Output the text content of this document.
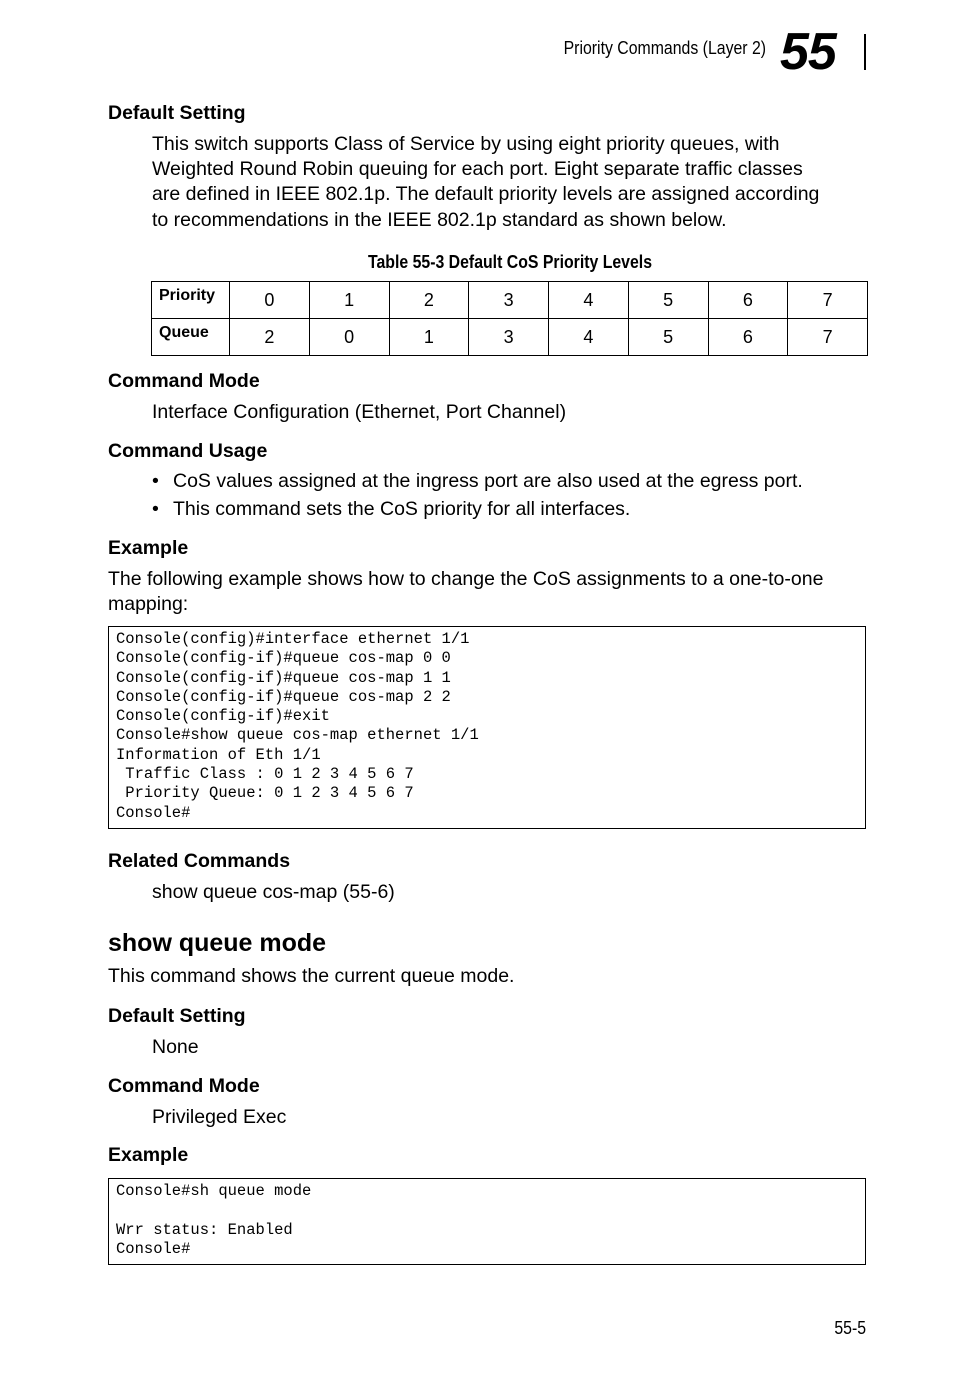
Priority Commands (Layer 2) 55
Default Setting
This switch supports Class of Service by using eight priority queues, with
Weighted Round Robin queuing for each port. Eight separate traffic classes
are defined in IEEE 802.1p. The default priority levels are assigned according
to recommendations in the IEEE 802.1p standard as shown below.
Table 55-3 Default CoS Priority Levels
Priority	0	1	2	3	4	5	6	7
Queue	2	0	1	3	4	5	6	7
Command Mode
Interface Configuration (Ethernet, Port Channel)
Command Usage
• CoS values assigned at the ingress port are also used at the egress port.
• This command sets the CoS priority for all interfaces.
Example
The following example shows how to change the CoS assignments to a one-to-one
mapping:
Console(config)#interface ethernet 1/1
Console(config-if)#queue cos-map 0 0
Console(config-if)#queue cos-map 1 1
Console(config-if)#queue cos-map 2 2
Console(config-if)#exit
Console#show queue cos-map ethernet 1/1
Information of Eth 1/1
Traffic Class : 0 1 2 3 4 5 6 7
Priority Queue: 0 1 2 3 4 5 6 7
Console#
Related Commands
show queue cos-map (55-6)
show queue mode
This command shows the current queue mode.
Default Setting
None
Command Mode
Privileged Exec
Example
Console#sh queue mode

Wrr status: Enabled
Console#
55-5
